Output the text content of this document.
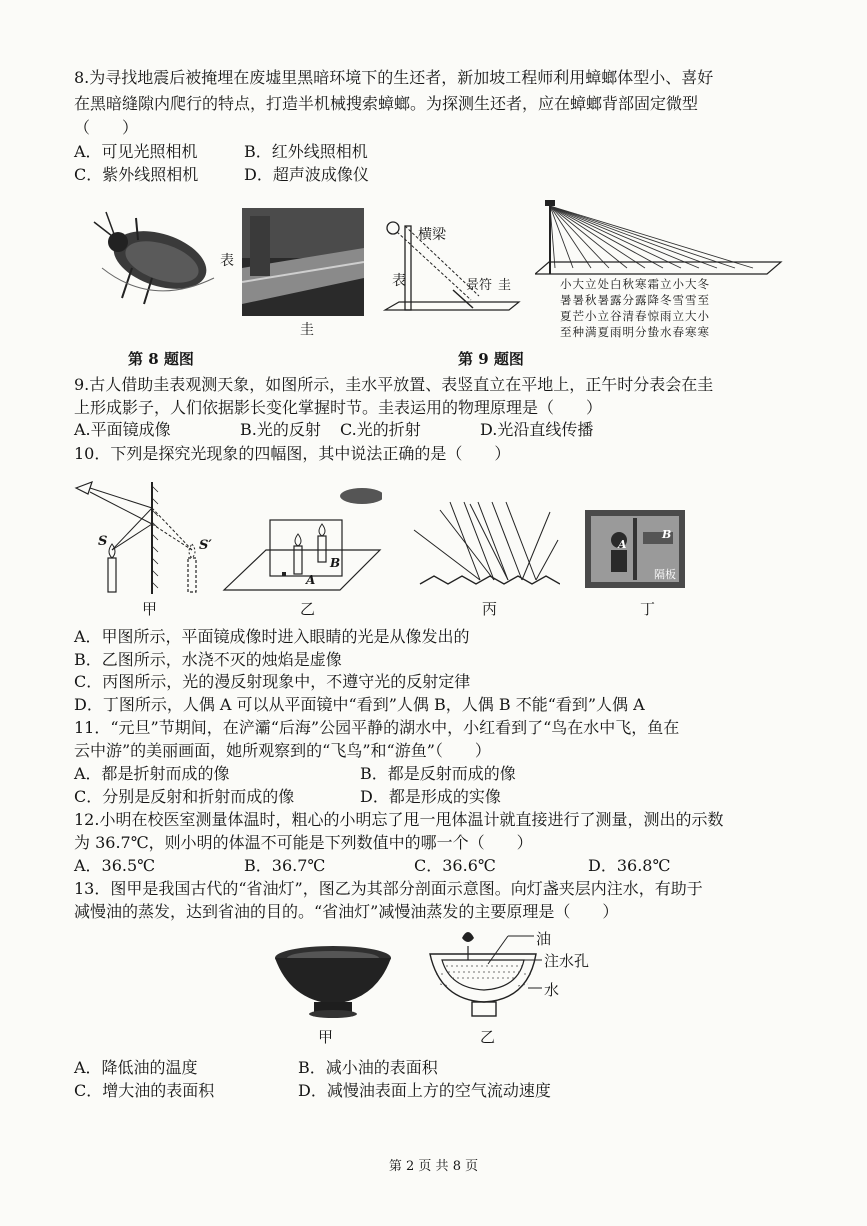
8.为寻找地震后被掩埋在废墟里黑暗环境下的生还者，新加坡工程师利用蟑螂体型小、喜好
在黑暗缝隙内爬行的特点，打造半机械搜索蟑螂。为探测生还者，应在蟑螂背部固定微型
（　　）
A．可见光照相机	B．红外线照相机
C．紫外线照相机	D．超声波成像仪
表
圭
横梁
表	景符 圭	小大立处白秋寒霜立小大冬
暑暑秋暑露分露降冬雪雪至
夏芒小立谷清春惊雨立大小
至种满夏雨明分蛰水春寒寒
第 8 题图	第 9 题图
9.古人借助圭表观测天象，如图所示，圭水平放置、表竖直立在平地上，正午时分表会在圭
上形成影子，人们依据影长变化掌握时节。圭表运用的物理原理是（　　）
A.平面镜成像	B.光的反射 C.光的折射	D.光沿直线传播
10．下列是探究光现象的四幅图，其中说法正确的是（　　）
S	S′
A
B
A
B
隔板
甲	乙	丙	丁
A．甲图所示，平面镜成像时进入眼睛的光是从像发出的
B．乙图所示，水浇不灭的烛焰是虚像
C．丙图所示，光的漫反射现象中，不遵守光的反射定律
D．丁图所示，人偶 A 可以从平面镜中“看到”人偶 B，人偶 B 不能“看到”人偶 A
11．“元旦”节期间，在浐灞“后海”公园平静的湖水中，小红看到了“鸟在水中飞，鱼在
云中游”的美丽画面，她所观察到的“飞鸟”和“游鱼”（　　）
A．都是折射而成的像	B．都是反射而成的像
C．分别是反射和折射而成的像	D．都是形成的实像
12.小明在校医室测量体温时，粗心的小明忘了甩一甩体温计就直接进行了测量，测出的示数
为 36.7℃，则小明的体温不可能是下列数值中的哪一个（　　）
A．36.5℃	B．36.7℃	C．36.6℃	D．36.8℃
13．图甲是我国古代的“省油灯”，图乙为其部分剖面示意图。向灯盏夹层内注水，有助于
减慢油的蒸发，达到省油的目的。“省油灯”减慢油蒸发的主要原理是（　　）
甲
油
注水孔
水
乙
A．降低油的温度	B．减小油的表面积
C．增大油的表面积	D．减慢油表面上方的空气流动速度
第 2 页 共 8 页
